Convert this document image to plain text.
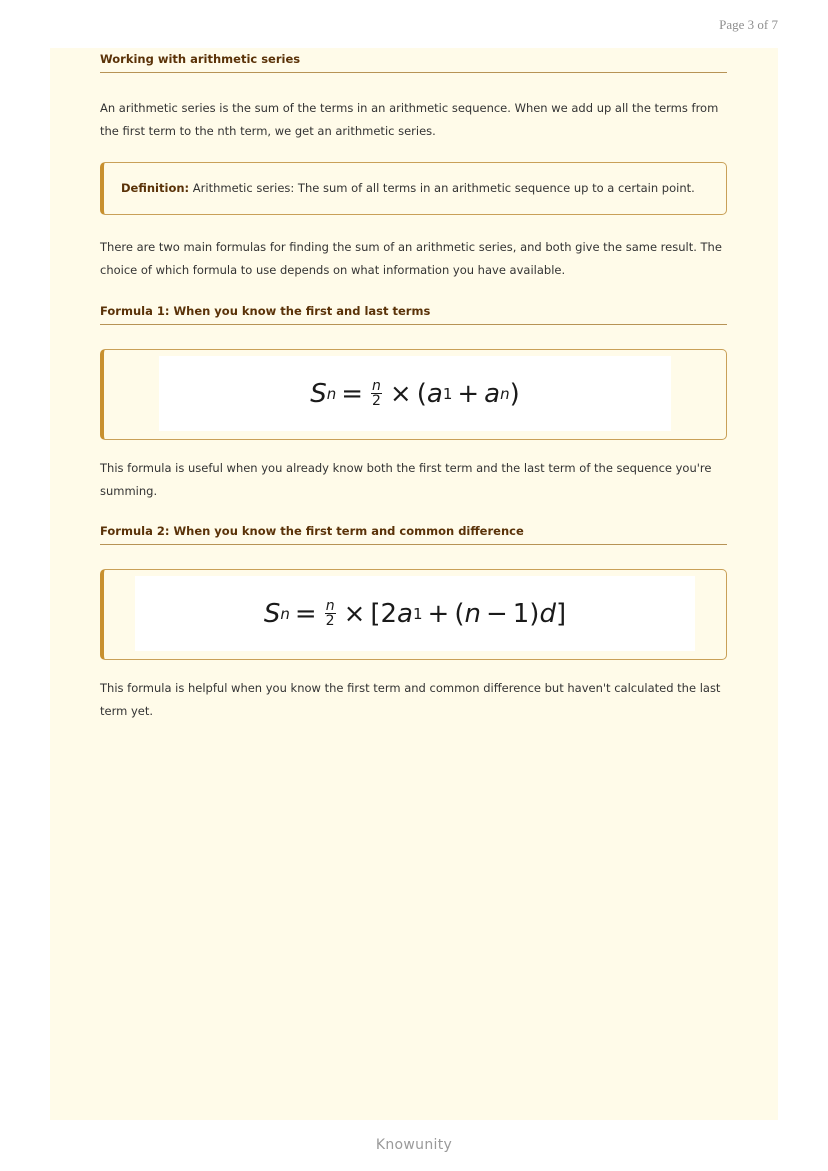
Page 3 of 7
Working with arithmetic series

An arithmetic series is the sum of the terms in an arithmetic sequence. When we add up all the terms from

the first term to the nth term, we get an arithmetic series.

Definition: Arithmetic series: The sum of all terms in an arithmetic sequence up to a certain point.

There are two main formulas for finding the sum of an arithmetic series, and both give the same result. The

choice of which formula to use depends on what information you have available.

Formula 1: When you know the first and last terms
S $n = \frac{n}{2}$ × ( a 1 + a n )

This formula is useful when you already know both the first term and the last term of the sequence you're

summing.

Formula 2: When you know the first term and common difference
S $n = \frac{n}{2} \times [2$ a 1 + ( n − 1) d ]

This formula is helpful when you know the first term and common difference but haven't calculated the last

term yet.

Knowunity
